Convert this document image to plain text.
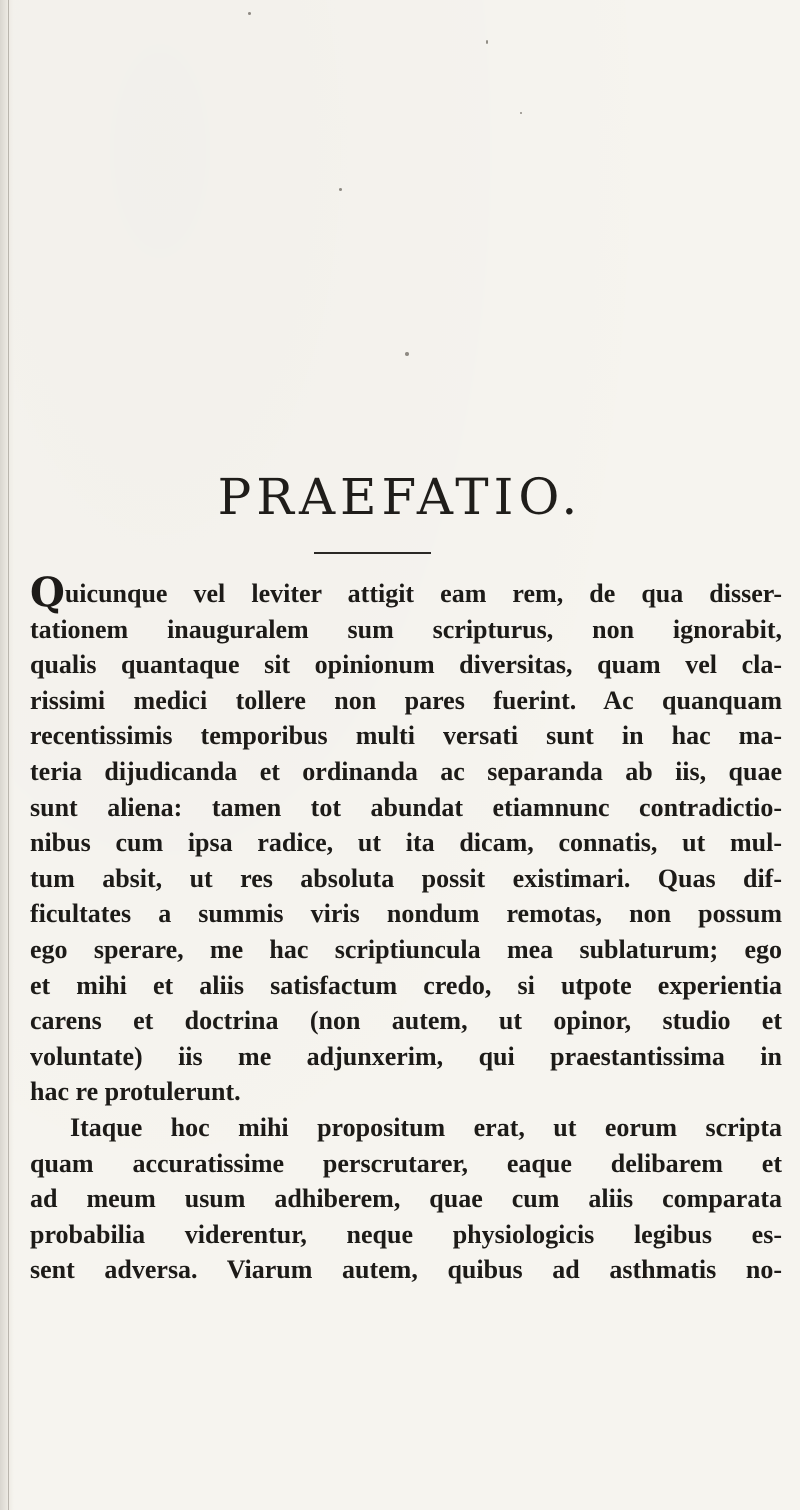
PRAEFATIO.
Quicunque vel leviter attigit eam rem, de qua disser-
tationem inauguralem sum scripturus, non ignorabit,
qualis quantaque sit opinionum diversitas, quam vel cla-
rissimi medici tollere non pares fuerint. Ac quanquam
recentissimis temporibus multi versati sunt in hac ma-
teria dijudicanda et ordinanda ac separanda ab iis, quae
sunt aliena: tamen tot abundat etiamnunc contradictio-
nibus cum ipsa radice, ut ita dicam, connatis, ut mul-
tum absit, ut res absoluta possit existimari. Quas dif-
ficultates a summis viris nondum remotas, non possum
ego sperare, me hac scriptiuncula mea sublaturum; ego
et mihi et aliis satisfactum credo, si utpote experientia
carens et doctrina (non autem, ut opinor, studio et
voluntate) iis me adjunxerim, qui praestantissima in
hac re protulerunt.
Itaque hoc mihi propositum erat, ut eorum scripta
quam accuratissime perscrutarer, eaque delibarem et
ad meum usum adhiberem, quae cum aliis comparata
probabilia viderentur, neque physiologicis legibus es-
sent adversa. Viarum autem, quibus ad asthmatis no-
